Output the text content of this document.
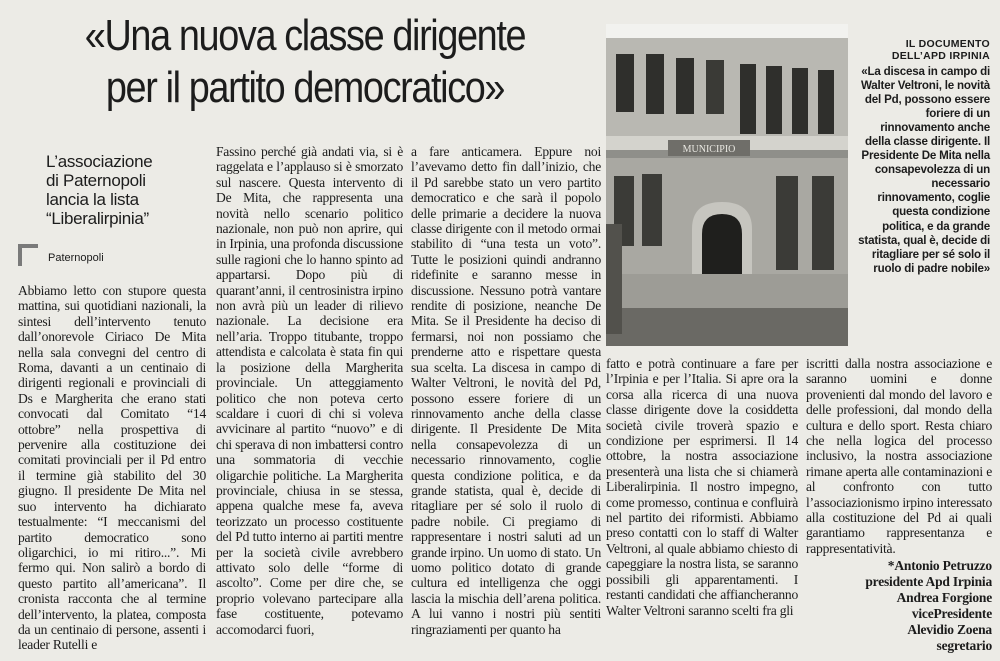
«Una nuova classe dirigente
per il partito democratico»
L’associazione
di Paternopoli
lancia la lista
“Liberalirpinia”
Paternopoli

Abbiamo letto con stupore questa mattina, sui quotidiani nazionali, la sintesi dell’intervento tenuto dall’onorevole Ciriaco De Mita nella sala convegni del centro di Roma, davanti a un centinaio di dirigenti regionali e provinciali di Ds e Margherita che erano stati convocati dal Comitato “14 ottobre” nella prospettiva di pervenire alla costituzione dei comitati provinciali per il Pd entro il termine già stabilito del 30 giugno. Il presidente De Mita nel suo intervento ha dichiarato testualmente: “I meccanismi del partito democratico sono oligarchici, io mi ritiro...”. Mi fermo qui. Non salirò a bordo di questo partito all’americana”. Il cronista racconta che al termine dell’intervento, la platea, composta da un centinaio di persone, assenti i leader Rutelli e

Fassino perché già andati via, si è raggelata e l’applauso si è smorzato sul nascere. Questa intervento di De Mita, che rappresenta una novità nello scenario politico nazionale, non può non aprire, qui in Irpinia, una profonda discussione sulle ragioni che lo hanno spinto ad appartarsi. Dopo più di quarant’anni, il centrosinistra irpino non avrà più un leader di rilievo nazionale. La decisione era nell’aria. Troppo titubante, troppo attendista e calcolata è stata fin qui la posizione della Margherita provinciale. Un atteggiamento politico che non poteva certo scaldare i cuori di chi si voleva avvicinare al partito “nuovo” e di chi sperava di non imbattersi contro una sommatoria di vecchie oligarchie politiche. La Margherita provinciale, chiusa in se stessa, appena qualche mese fa, aveva teorizzato un processo costituente del Pd tutto interno ai partiti mentre per la società civile avrebbero attivato solo delle “forme di ascolto”. Come per dire che, se proprio volevano partecipare alla fase costituente, potevamo accomodarci fuori,

a fare anticamera. Eppure noi l’avevamo detto fin dall’inizio, che il Pd sarebbe stato un vero partito democratico e che sarà il popolo delle primarie a decidere la nuova classe dirigente con il metodo ormai stabilito di “una testa un voto”. Tutte le posizioni quindi andranno ridefinite e saranno messe in discussione. Nessuno potrà vantare rendite di posizione, neanche De Mita. Se il Presidente ha deciso di fermarsi, noi non possiamo che prenderne atto e rispettare questa sua scelta. La discesa in campo di Walter Veltroni, le novità del Pd, possono essere foriere di un rinnovamento anche della classe dirigente. Il Presidente De Mita nella consapevolezza di un necessario rinnovamento, coglie questa condizione politica, e da grande statista, qual è, decide di ritagliare per sé solo il ruolo di padre nobile. Ci pregiamo di rappresentare i nostri saluti ad un grande irpino. Un uomo di stato. Un uomo politico dotato di grande cultura ed intelligenza che oggi lascia la mischia dell’arena politica. A lui vanno i nostri più sentiti ringraziamenti per quanto ha

MUNICIPIO
IL DOCUMENTO
DELL’APD IRPINIA
«La discesa in campo di Walter Veltroni, le novità del Pd, possono essere foriere di un rinnovamento anche della classe dirigente. Il Presidente De Mita nella consapevolezza di un necessario rinnovamento, coglie questa condizione politica, e da grande statista, qual è, decide di ritagliare per sé solo il ruolo di padre nobile»

fatto e potrà continuare a fare per l’Irpinia e per l’Italia. Si apre ora la corsa alla ricerca di una nuova classe dirigente dove la cosiddetta società civile troverà spazio e condizione per esprimersi. Il 14 ottobre, la nostra associazione presenterà una lista che si chiamerà Liberalirpinia. Il nostro impegno, come promesso, continua e confluirà nel partito dei riformisti. Abbiamo preso contatti con lo staff di Walter Veltroni, al quale abbiamo chiesto di capeggiare la nostra lista, se saranno possibili gli apparentamenti. I restanti candidati che affiancheranno Walter Veltroni saranno scelti fra gli

iscritti dalla nostra associazione e saranno uomini e donne provenienti dal mondo del lavoro e delle professioni, dal mondo della cultura e dello sport. Resta chiaro che nella logica del processo inclusivo, la nostra associazione rimane aperta alle contaminazioni e al confronto con tutto l’associazionismo irpino interessato alla costituzione del Pd ai quali garantiamo rappresentanza e rappresentatività.

*Antonio Petruzzo
presidente Apd Irpinia
Andrea Forgione
vicePresidente
Alevidio Zoena
segretario
